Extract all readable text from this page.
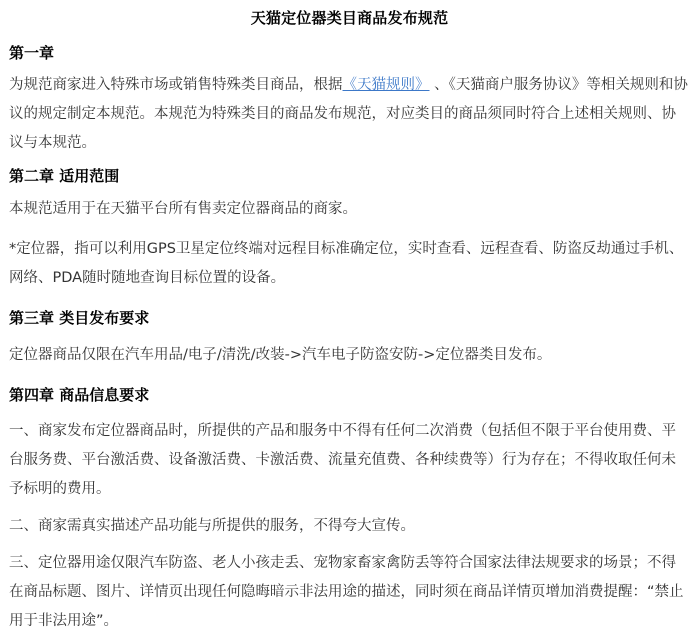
天猫定位器类目商品发布规范
第一章

为规范商家进入特殊市场或销售特殊类目商品，根据《天猫规则》 、《天猫商户服务协议》等相关规则和协议的规定制定本规范。本规范为特殊类目的商品发布规范，对应类目的商品须同时符合上述相关规则、协议与本规范。

第二章 适用范围

本规范适用于在天猫平台所有售卖定位器商品的商家。

*定位器，指可以利用GPS卫星定位终端对远程目标准确定位，实时查看、远程查看、防盗反劫通过手机、网络、PDA随时随地查询目标位置的设备。

第三章 类目发布要求

定位器商品仅限在汽车用品/电子/清洗/改装->汽车电子防盗安防->定位器类目发布。

第四章 商品信息要求

一、商家发布定位器商品时，所提供的产品和服务中不得有任何二次消费（包括但不限于平台使用费、平台服务费、平台激活费、设备激活费、卡激活费、流量充值费、各种续费等）行为存在；不得收取任何未予标明的费用。

二、商家需真实描述产品功能与所提供的服务，不得夸大宣传。

三、定位器用途仅限汽车防盗、老人小孩走丢、宠物家畜家禽防丢等符合国家法律法规要求的场景；不得在商品标题、图片、详情页出现任何隐晦暗示非法用途的描述，同时须在商品详情页增加消费提醒：“禁止用于非法用途”。
